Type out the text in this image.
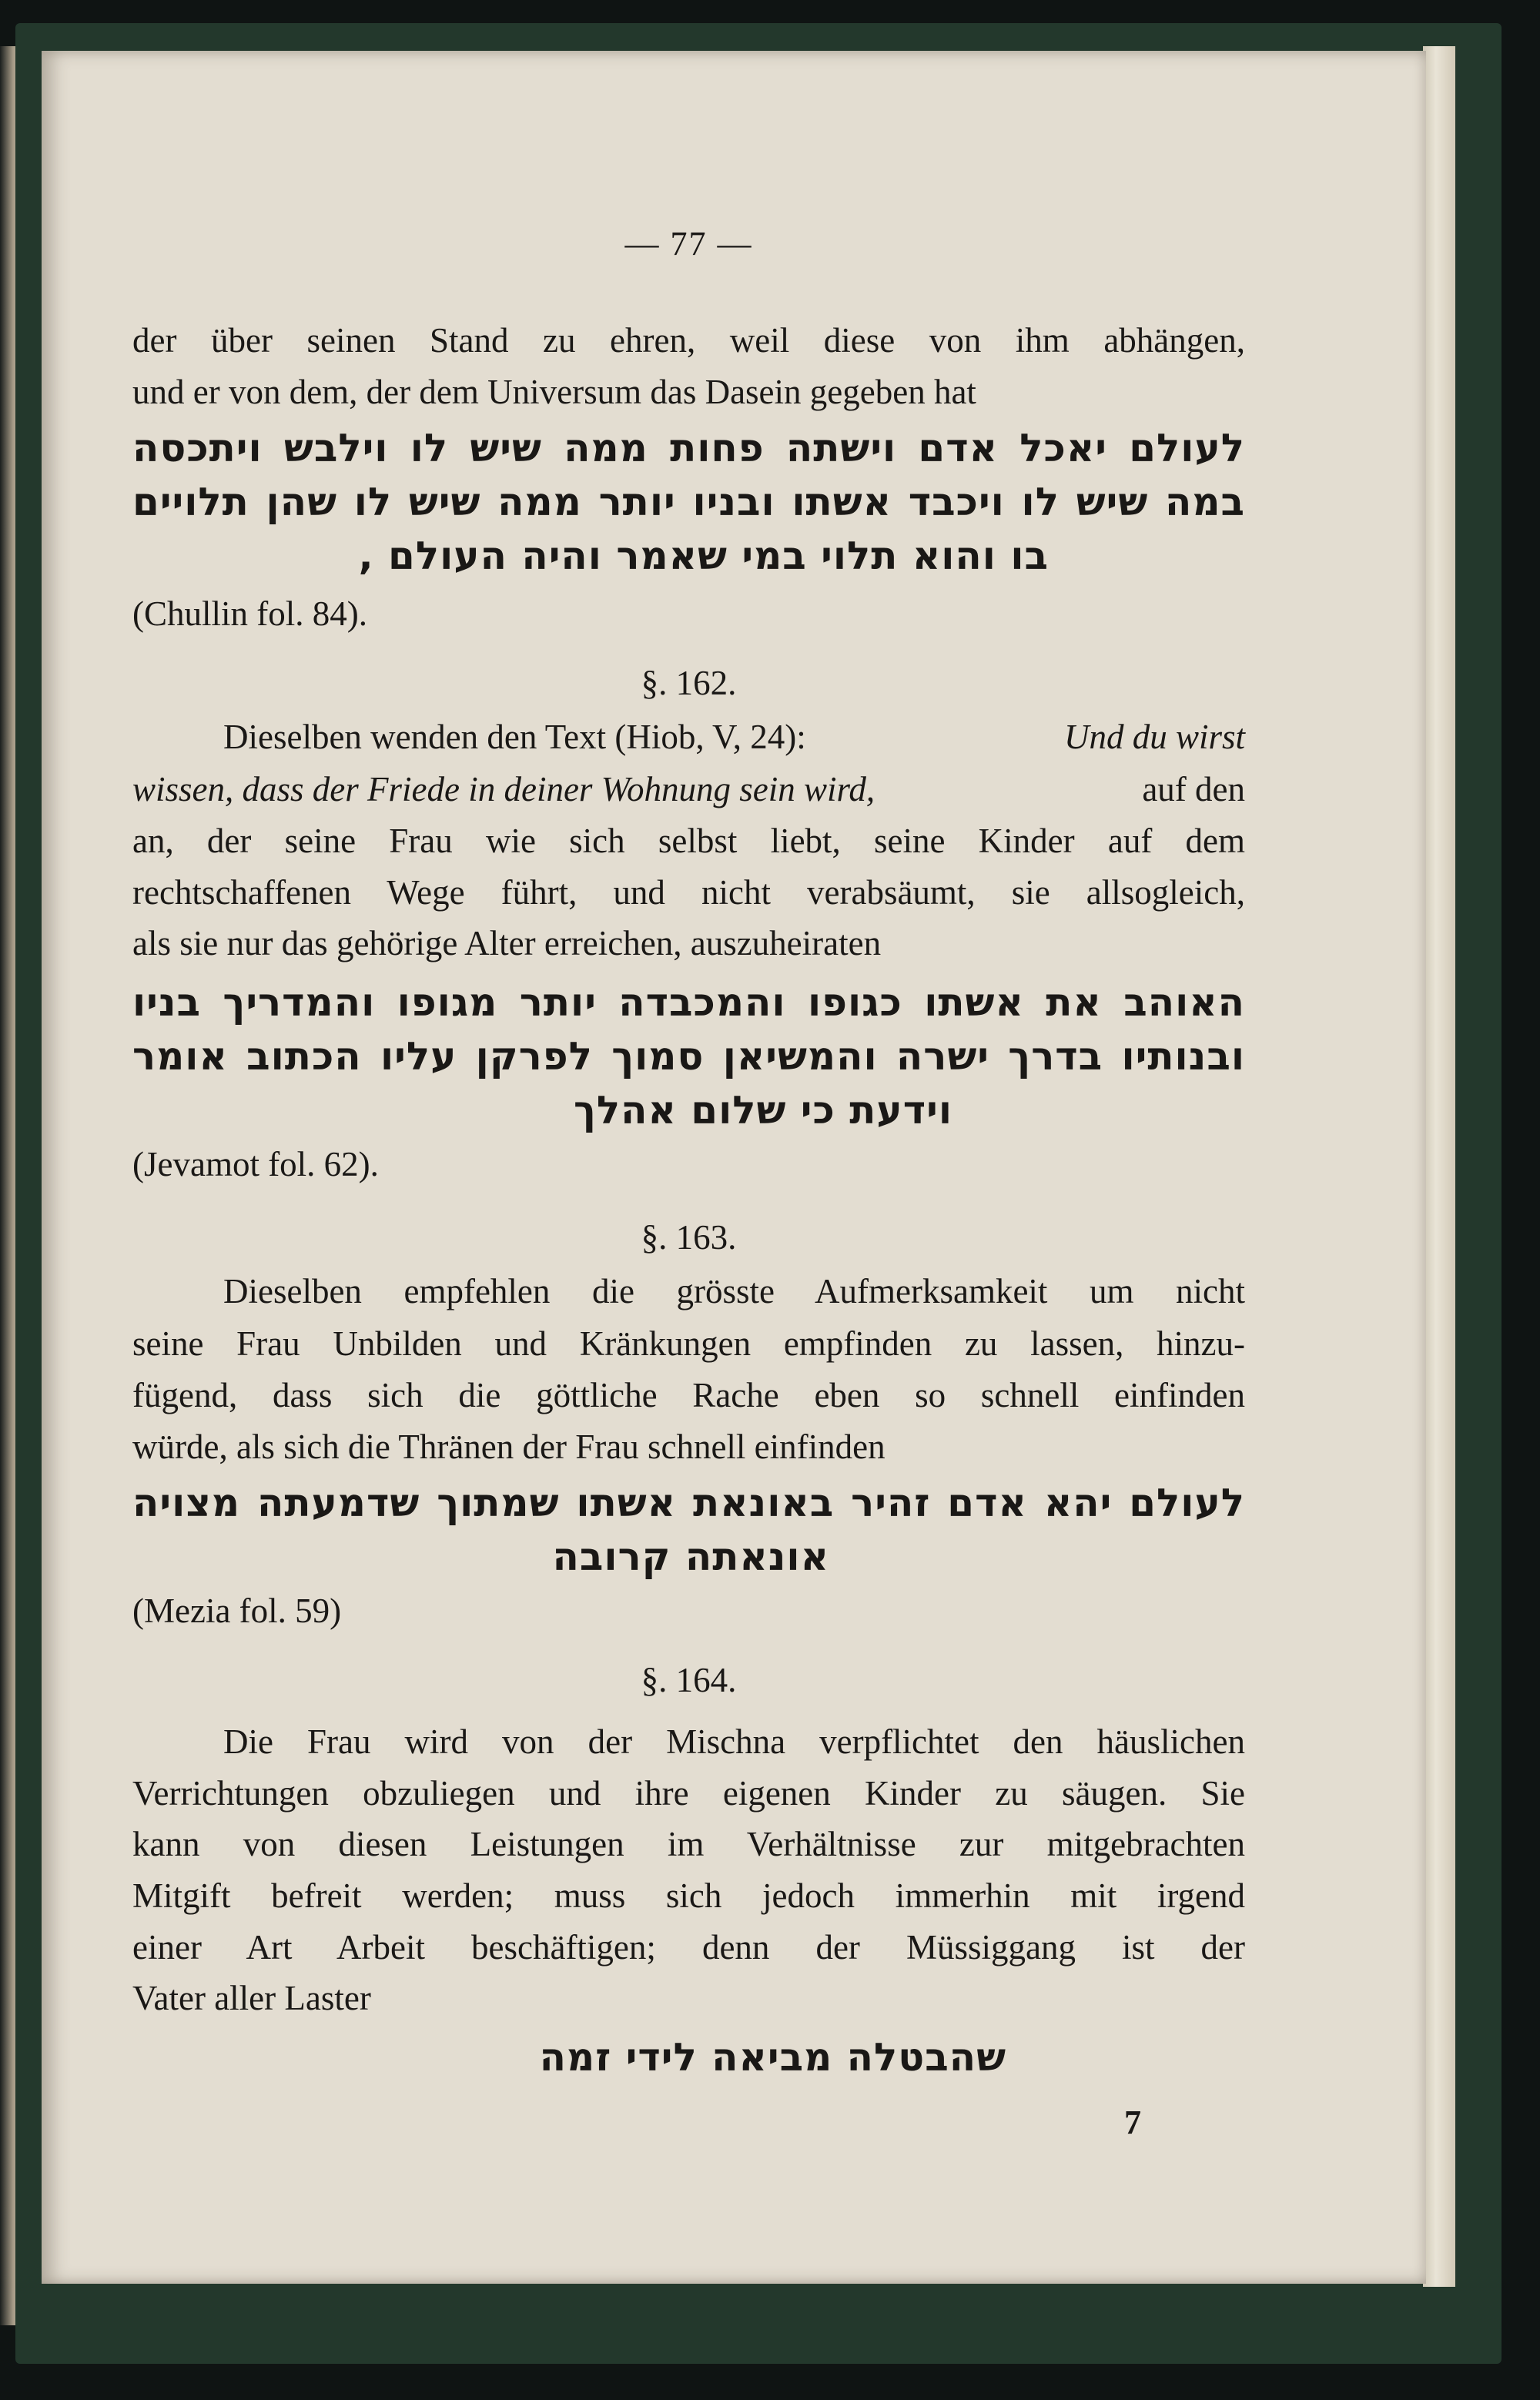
— 77 —
der über seinen Stand zu ehren, weil diese von ihm abhängen,
und er von dem, der dem Universum das Dasein gegeben hat
לעולם יאכל אדם וישתה פחות ממה שיש לו וילבש ויתכסה
במה שיש לו ויכבד אשתו ובניו יותר ממה שיש לו שהן תלויים
בו והוא תלוי במי שאמר והיה העולם ,
(Chullin fol. 84).
§. 162.
Dieselben wenden den Text (Hiob, V, 24):	Und du wirst
wissen, dass der Friede in deiner Wohnung sein wird,	auf den
an, der seine Frau wie sich selbst liebt, seine Kinder auf dem
rechtschaffenen Wege führt, und nicht verabsäumt, sie allsogleich,
als sie nur das gehörige Alter erreichen, auszuheiraten
האוהב את אשתו כגופו והמכבדה יותר מגופו והמדריך בניו
ובנותיו בדרך ישרה והמשיאן סמוך לפרקן עליו הכתוב אומר
וידעת כי שלום אהלך
(Jevamot fol. 62).
§. 163.
Dieselben empfehlen die grösste Aufmerksamkeit um nicht
seine Frau Unbilden und Kränkungen empfinden zu lassen, hinzu-
fügend, dass sich die göttliche Rache eben so schnell einfinden
würde, als sich die Thränen der Frau schnell einfinden
לעולם יהא אדם זהיר באונאת אשתו שמתוך שדמעתה מצויה
אונאתה קרובה
(Mezia fol. 59)
§. 164.
Die Frau wird von der Mischna verpflichtet den häuslichen
Verrichtungen obzuliegen und ihre eigenen Kinder zu säugen. Sie
kann von diesen Leistungen im Verhältnisse zur mitgebrachten
Mitgift befreit werden; muss sich jedoch immerhin mit irgend
einer Art Arbeit beschäftigen; denn der Müssiggang ist der
Vater aller Laster
שהבטלה מביאה לידי זמה
7
